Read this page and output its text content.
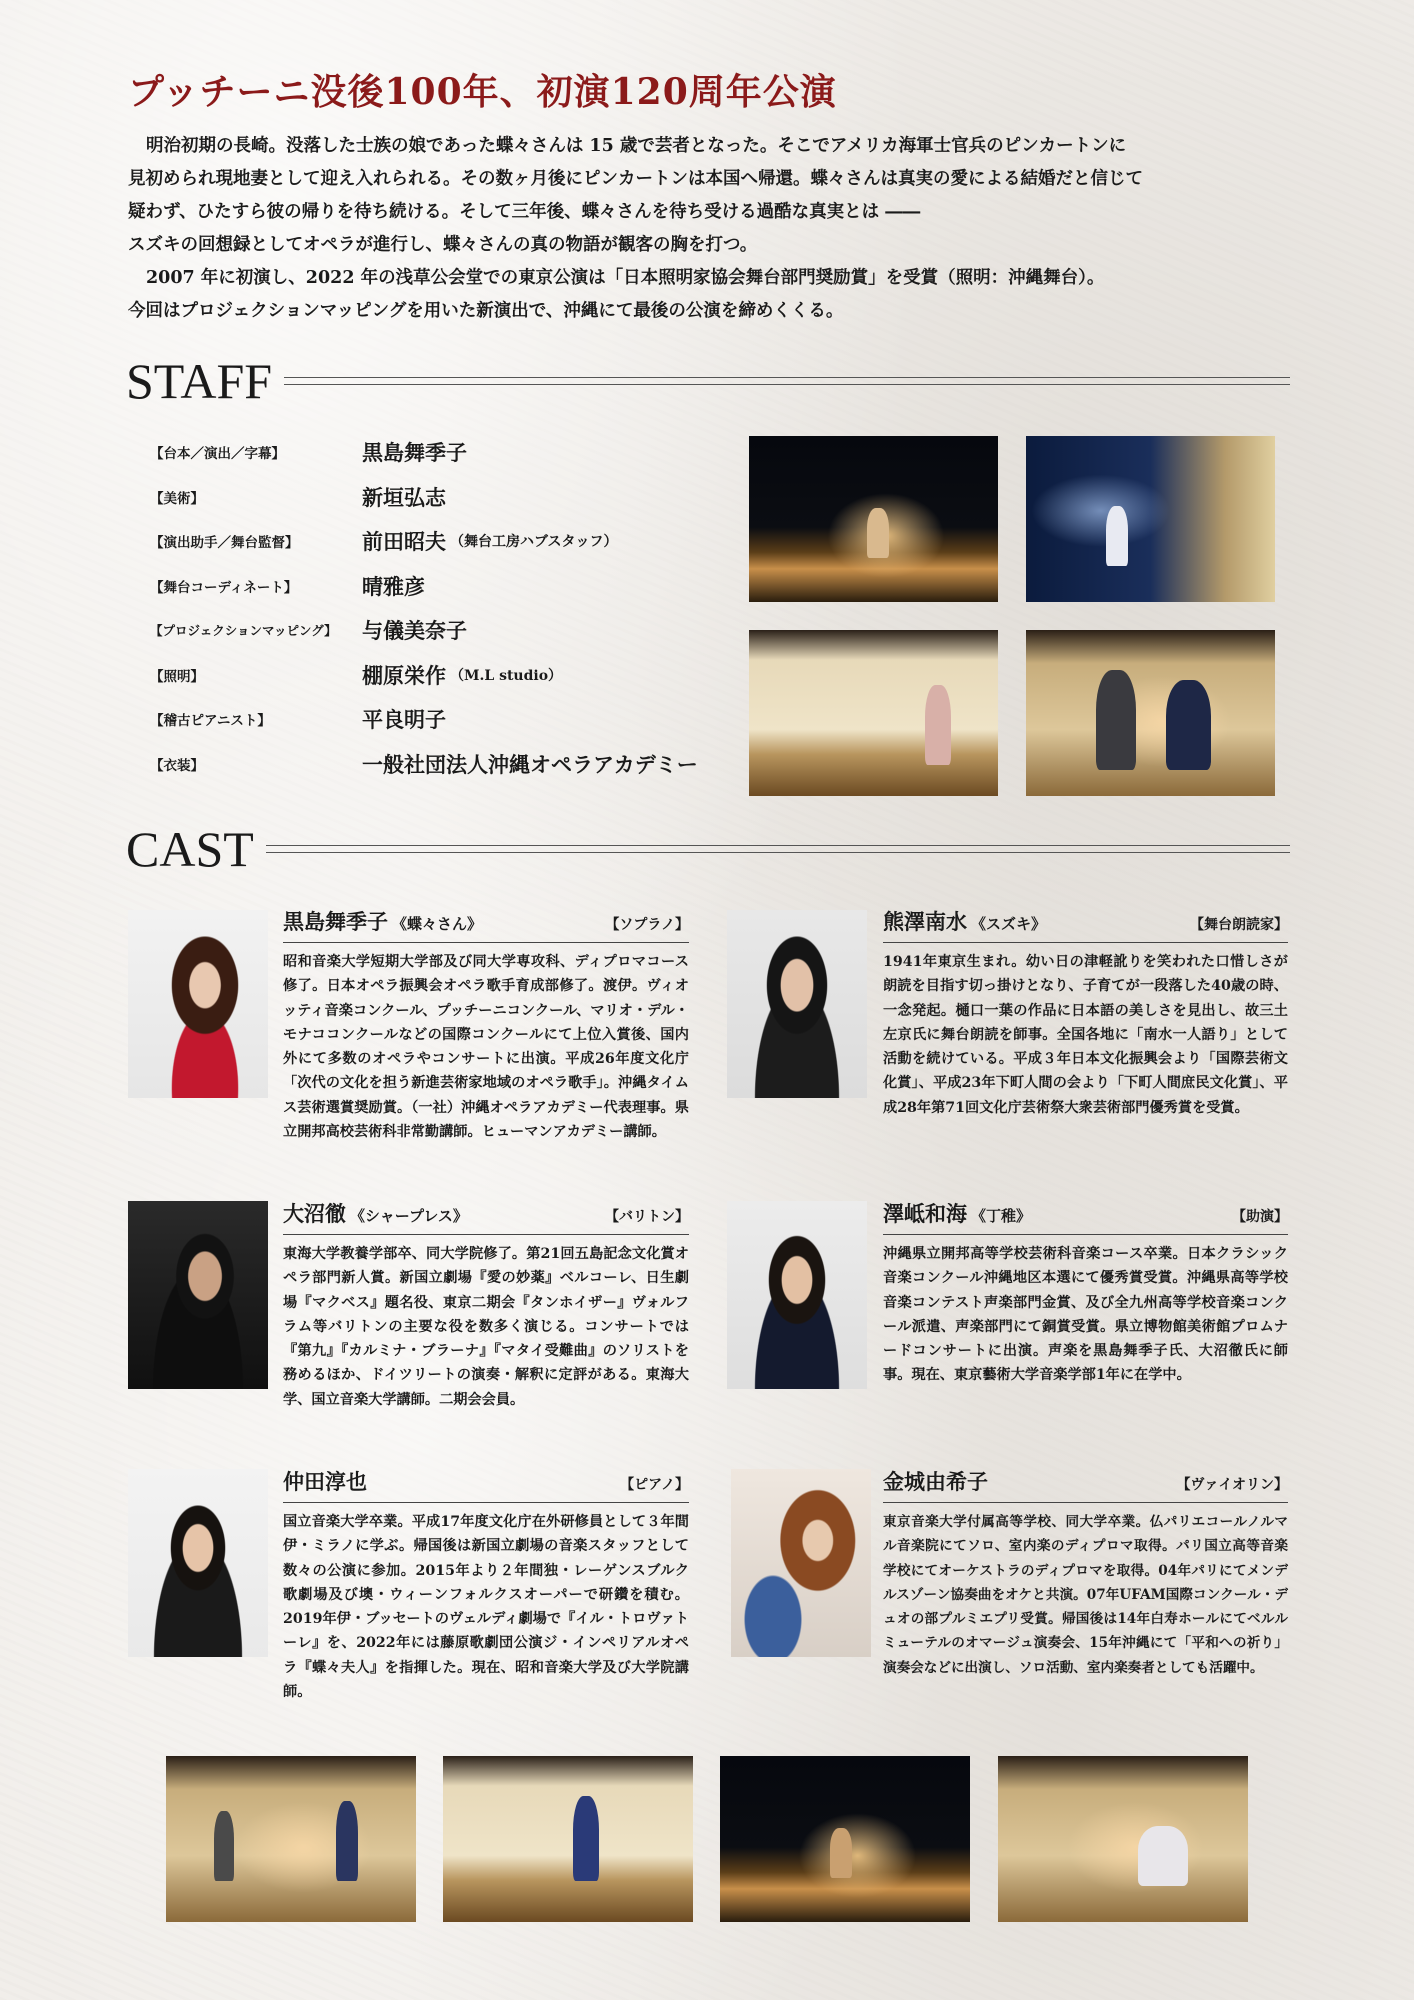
プッチーニ没後100年、初演120周年公演

明治初期の長崎。没落した士族の娘であった蝶々さんは 15 歳で芸者となった。そこでアメリカ海軍士官兵のピンカートンに

見初められ現地妻として迎え入れられる。その数ヶ月後にピンカートンは本国へ帰還。蝶々さんは真実の愛による結婚だと信じて

疑わず、ひたすら彼の帰りを待ち続ける。そして三年後、蝶々さんを待ち受ける過酷な真実とは ――

スズキの回想録としてオペラが進行し、蝶々さんの真の物語が観客の胸を打つ。

2007 年に初演し、2022 年の浅草公会堂での東京公演は「日本照明家協会舞台部門奨励賞」を受賞（照明：沖縄舞台）。

今回はプロジェクションマッピングを用いた新演出で、沖縄にて最後の公演を締めくくる。

STAFF
【台本／演出／字幕】	黒島舞季子
【美術】	新垣弘志
【演出助手／舞台監督】	前田昭夫 （舞台工房ハブスタッフ）
【舞台コーディネート】	晴雅彦
【プロジェクションマッピング】	与儀美奈子
【照明】	棚原栄作 （M.L studio）
【稽古ピアニスト】	平良明子
【衣装】	一般社団法人沖縄オペラアカデミー
CAST
黒島舞季子 《蝶々さん》	【ソプラノ】
昭和音楽大学短期大学部及び同大学専攻科、ディプロマコース修了。日本オペラ振興会オペラ歌手育成部修了。渡伊。ヴィオッティ音楽コンクール、プッチーニコンクール、マリオ・デル・モナココンクールなどの国際コンクールにて上位入賞後、国内外にて多数のオペラやコンサートに出演。平成26年度文化庁「次代の文化を担う新進芸術家地域のオペラ歌手」。沖縄タイムス芸術選賞奨励賞。（一社）沖縄オペラアカデミー代表理事。県立開邦高校芸術科非常勤講師。ヒューマンアカデミー講師。
熊澤南水 《スズキ》	【舞台朗読家】
1941年東京生まれ。幼い日の津軽訛りを笑われた口惜しさが朗読を目指す切っ掛けとなり、子育てが一段落した40歳の時、一念発起。樋口一葉の作品に日本語の美しさを見出し、故三土左京氏に舞台朗読を師事。全国各地に「南水一人語り」として活動を続けている。平成３年日本文化振興会より「国際芸術文化賞」、平成23年下町人間の会より「下町人間庶民文化賞」、平成28年第71回文化庁芸術祭大衆芸術部門優秀賞を受賞。
大沼徹 《シャープレス》	【バリトン】
東海大学教養学部卒、同大学院修了。第21回五島記念文化賞オペラ部門新人賞。新国立劇場『愛の妙薬』ベルコーレ、日生劇場『マクベス』題名役、東京二期会『タンホイザー』ヴォルフラム等バリトンの主要な役を数多く演じる。コンサートでは『第九』『カルミナ・ブラーナ』『マタイ受難曲』のソリストを務めるほか、ドイツリートの演奏・解釈に定評がある。東海大学、国立音楽大学講師。二期会会員。
澤岻和海 《丁稚》	【助演】
沖縄県立開邦高等学校芸術科音楽コース卒業。日本クラシック音楽コンクール沖縄地区本選にて優秀賞受賞。沖縄県高等学校音楽コンテスト声楽部門金賞、及び全九州高等学校音楽コンクール派遣、声楽部門にて銅賞受賞。県立博物館美術館プロムナードコンサートに出演。声楽を黒島舞季子氏、大沼徹氏に師事。現在、東京藝術大学音楽学部1年に在学中。
仲田淳也	【ピアノ】
国立音楽大学卒業。平成17年度文化庁在外研修員として３年間伊・ミラノに学ぶ。帰国後は新国立劇場の音楽スタッフとして数々の公演に参加。2015年より２年間独・レーゲンスブルク歌劇場及び墺・ウィーンフォルクスオーパーで研鑽を積む。2019年伊・ブッセートのヴェルディ劇場で『イル・トロヴァトーレ』を、2022年には藤原歌劇団公演ジ・インペリアルオペラ『蝶々夫人』を指揮した。現在、昭和音楽大学及び大学院講師。
金城由希子	【ヴァイオリン】
東京音楽大学付属高等学校、同大学卒業。仏パリエコールノルマル音楽院にてソロ、室内楽のディプロマ取得。パリ国立高等音楽学校にてオーケストラのディプロマを取得。04年パリにてメンデルスゾーン協奏曲をオケと共演。07年UFAM国際コンクール・デュオの部プルミエプリ受賞。帰国後は14年白寿ホールにてベルルミューテルのオマージュ演奏会、15年沖縄にて「平和への祈り」演奏会などに出演し、ソロ活動、室内楽奏者としても活躍中。
